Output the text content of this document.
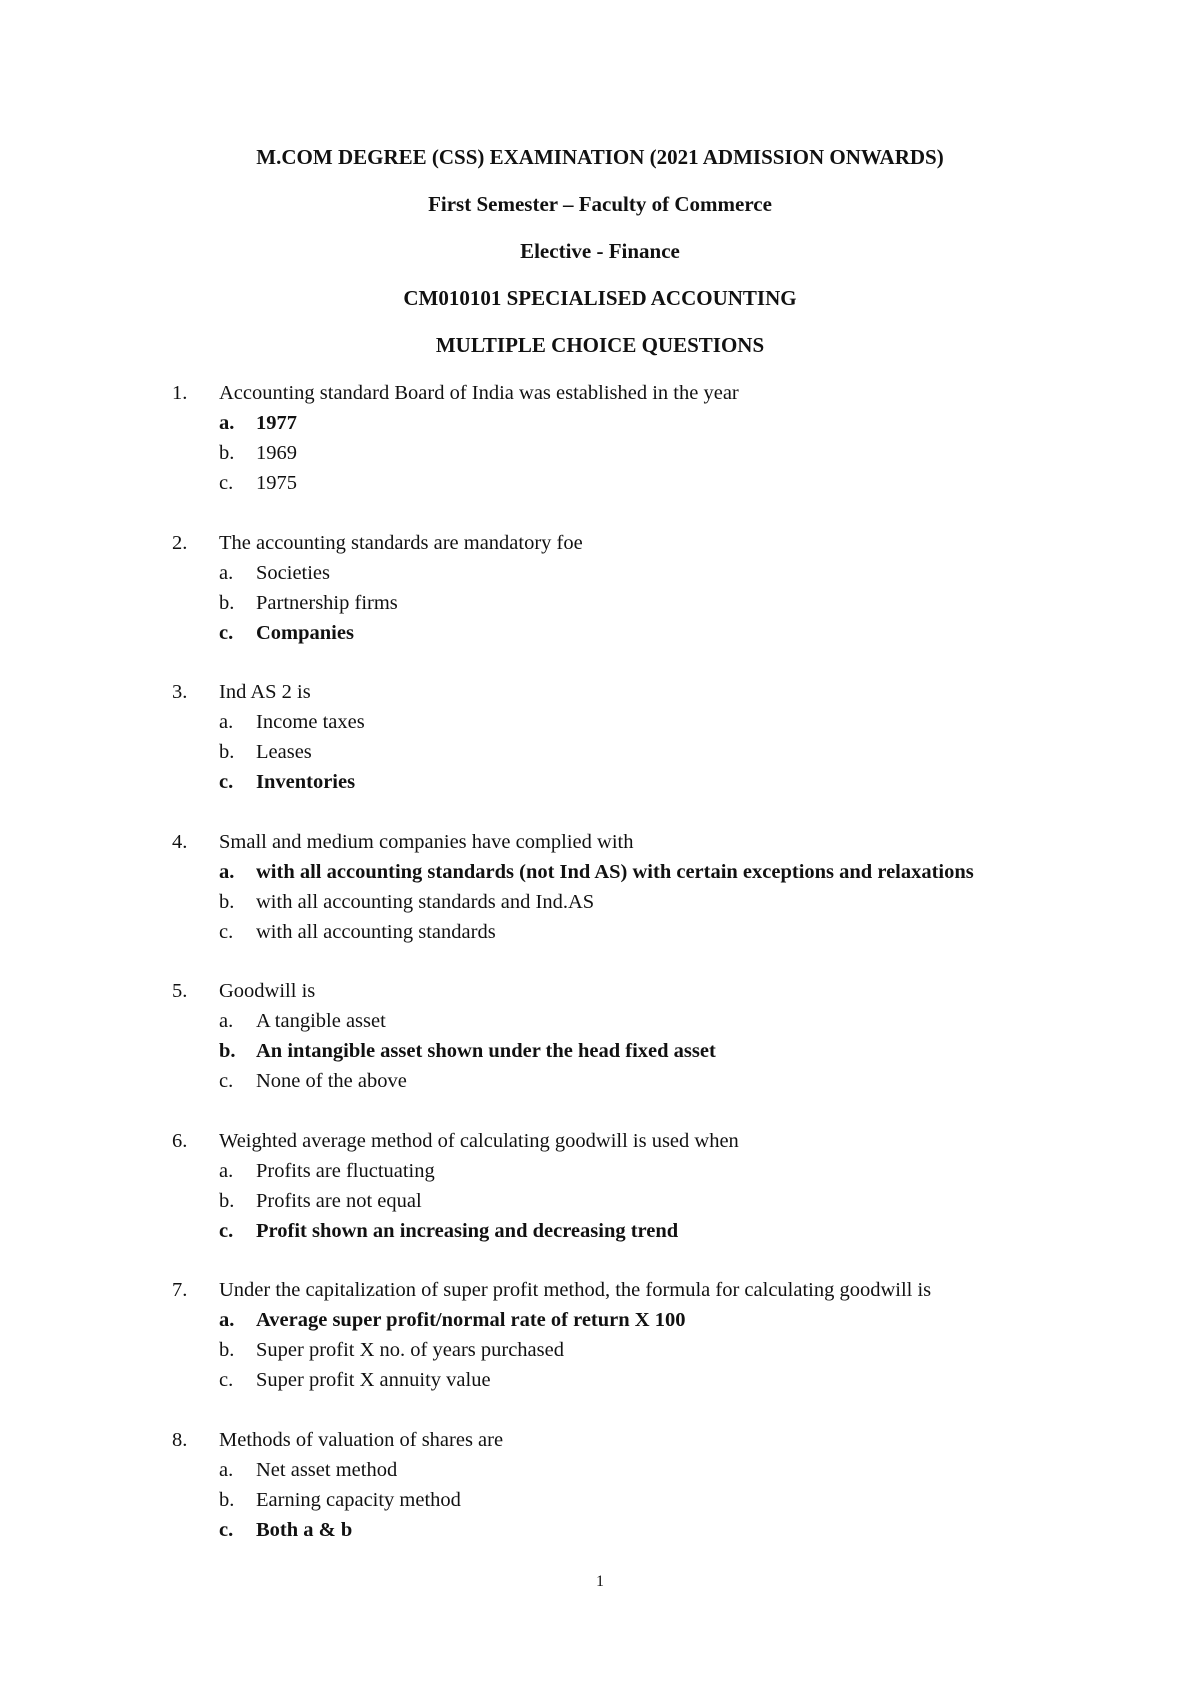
M.COM DEGREE (CSS) EXAMINATION (2021 ADMISSION ONWARDS)
First Semester – Faculty of Commerce
Elective - Finance
CM010101 SPECIALISED ACCOUNTING
MULTIPLE CHOICE QUESTIONS
1.	Accounting standard Board of India was established in the year
a.	1977
b.	1969
c.	1975
2.	The accounting standards are mandatory foe
a.	Societies
b.	Partnership firms
c.	Companies
3.	Ind AS 2 is
a.	Income taxes
b.	Leases
c.	Inventories
4.	Small and medium companies have complied with
a.	with all accounting standards (not Ind AS) with certain exceptions and relaxations
b.	with all accounting standards and Ind.AS
c.	with all accounting standards
5.	Goodwill is
a.	A tangible asset
b. An intangible asset shown under the head fixed asset
c.	None of the above
6.	Weighted average method of calculating goodwill is used when
a.	Profits are fluctuating
b.	Profits are not equal
c.	Profit shown an increasing and decreasing trend
7.	Under the capitalization of super profit method, the formula for calculating goodwill is
a.	Average super profit/normal rate of return X 100
b.	Super profit X no. of years purchased
c.	Super profit X annuity value
8.	Methods of valuation of shares are
a.	Net asset method
b.	Earning capacity method
c.	Both a & b
1
